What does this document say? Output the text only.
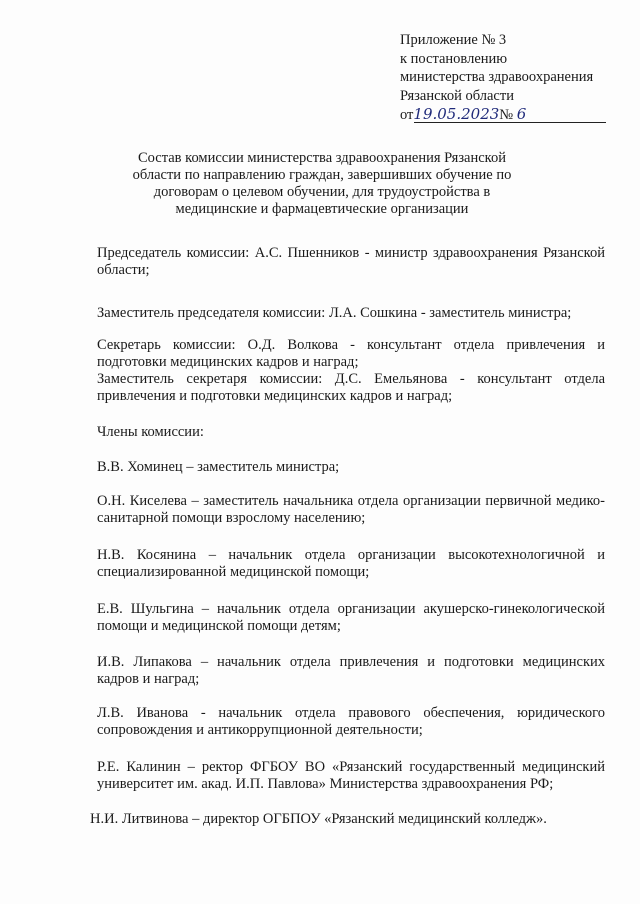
Приложение № 3
к постановлению
министерства здравоохранения
Рязанской области
от19.05.2023№ 6
Состав комиссии министерства здравоохранения Рязанской области по направлению граждан, завершивших обучение по договорам о целевом обучении, для трудоустройства в медицинские и фармацевтические организации

Председатель комиссии: А.С. Пшенников - министр здравоохранения Рязанской области;

Заместитель председателя комиссии: Л.А. Сошкина - заместитель министра;

Секретарь комиссии: О.Д. Волкова - консультант отдела привлечения и подготовки медицинских кадров и наград;

Заместитель секретаря комиссии: Д.С. Емельянова - консультант отдела привлечения и подготовки медицинских кадров и наград;

Члены комиссии:

В.В. Хоминец – заместитель министра;

О.Н. Киселева – заместитель начальника отдела организации первичной медико-санитарной помощи взрослому населению;

Н.В. Косянина – начальник отдела организации высокотехнологичной и специализированной медицинской помощи;

Е.В. Шульгина – начальник отдела организации акушерско-гинекологической помощи и медицинской помощи детям;

И.В. Липакова – начальник отдела привлечения и подготовки медицинских кадров и наград;

Л.В. Иванова - начальник отдела правового обеспечения, юридического сопровождения и антикоррупционной деятельности;

Р.Е. Калинин – ректор ФГБОУ ВО «Рязанский государственный медицинский университет им. акад. И.П. Павлова» Министерства здравоохранения РФ;

Н.И. Литвинова – директор ОГБПОУ «Рязанский медицинский колледж».
